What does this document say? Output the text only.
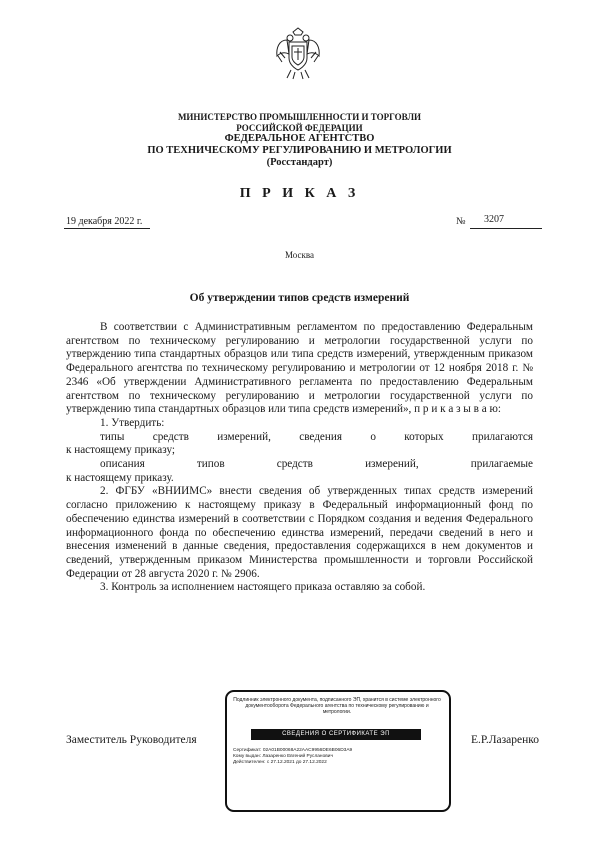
МИНИСТЕРСТВО ПРОМЫШЛЕННОСТИ И ТОРГОВЛИ
РОССИЙСКОЙ ФЕДЕРАЦИИ
ФЕДЕРАЛЬНОЕ АГЕНТСТВО
ПО ТЕХНИЧЕСКОМУ РЕГУЛИРОВАНИЮ И МЕТРОЛОГИИ
(Росстандарт)
П Р И К А З
19 декабря 2022 г.	№ 3207
Москва
Об утверждении типов средств измерений
В соответствии с Административным регламентом по предоставлению Федеральным агентством по техническому регулированию и метрологии государственной услуги по утверждению типа стандартных образцов или типа средств измерений, утвержденным приказом Федерального агентства по техническому регулированию и метрологии от 12 ноября 2018 г. № 2346 «Об утверждении Административного регламента по предоставлению Федеральным агентством по техническому регулированию и метрологии государственной услуги по утверждению типа стандартных образцов или типа средств измерений», п р и к а з ы в а ю:
1. Утвердить:
типы средств измерений, сведения о которых прилагаются
к настоящему приказу;
описания типов средств измерений, прилагаемые
к настоящему приказу.
2. ФГБУ «ВНИИМС» внести сведения об утвержденных типах средств измерений согласно приложению к настоящему приказу в Федеральный информационный фонд по обеспечению единства измерений в соответствии с Порядком создания и ведения Федерального информационного фонда по обеспечению единства измерений, передачи сведений в него и внесения изменений в данные сведения, предоставления содержащихся в нем документов и сведений, утвержденным приказом Министерства промышленности и торговли Российской Федерации от 28 августа 2020 г. № 2906.
3. Контроль за исполнением настоящего приказа оставляю за собой.
Заместитель Руководителя	Е.Р.Лазаренко
Подлинник электронного документа, подписанного ЭП, хранится в системе электронного документооборота Федерального агентства по техническому регулированию и метрологии.
СВЕДЕНИЯ О СЕРТИФИКАТЕ ЭП
Сертификат: 02A01B00068A22AAC9956DE6B06D3A9
Кому выдан: Лазаренко Евгений Русланович
Действителен: с 27.12.2021 до 27.12.2022
